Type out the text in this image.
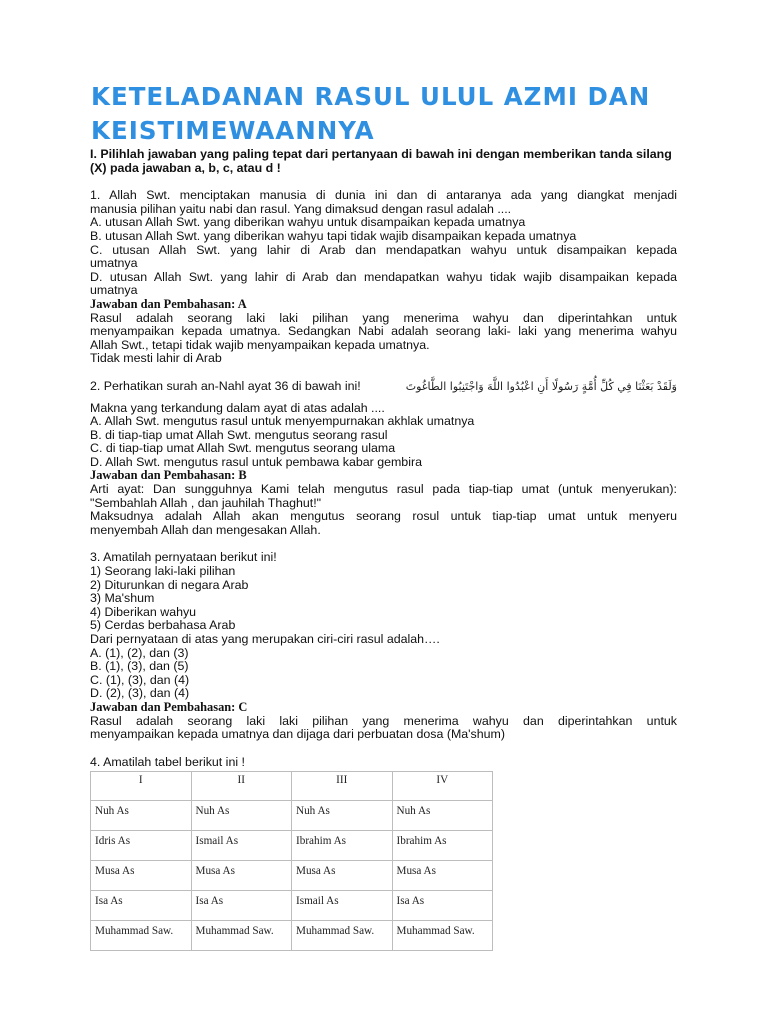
KETELADANAN RASUL ULUL AZMI DAN KEISTIMEWAANNYA
I. Pilihlah jawaban yang paling tepat dari pertanyaan di bawah ini dengan memberikan tanda silang (X) pada jawaban a, b, c, atau d !
1. Allah Swt. menciptakan manusia di dunia ini dan di antaranya ada yang diangkat menjadi
manusia pilihan yaitu nabi dan rasul. Yang dimaksud dengan rasul adalah ....
A. utusan Allah Swt. yang diberikan wahyu untuk disampaikan kepada umatnya
B. utusan Allah Swt. yang diberikan wahyu tapi tidak wajib disampaikan kepada umatnya
C. utusan Allah Swt. yang lahir di Arab dan mendapatkan wahyu untuk disampaikan kepada
umatnya
D. utusan Allah Swt. yang lahir di Arab dan mendapatkan wahyu tidak wajib disampaikan kepada
umatnya
Jawaban dan Pembahasan: A
Rasul adalah seorang laki laki pilihan yang menerima wahyu dan diperintahkan untuk
menyampaikan kepada umatnya. Sedangkan Nabi adalah seorang laki- laki yang menerima wahyu
Allah Swt., tetapi tidak wajib menyampaikan kepada umatnya.
Tidak mesti lahir di Arab
2. Perhatikan surah an-Nahl ayat 36 di bawah ini!	وَلَقَدْ بَعَثْنَا فِي كُلِّ أُمَّةٍ رَسُولًا أَنِ اعْبُدُوا اللَّهَ وَاجْتَنِبُوا الطَّاغُوتَ
Makna yang terkandung dalam ayat di atas adalah ....
A. Allah Swt. mengutus rasul untuk menyempurnakan akhlak umatnya
B. di tiap-tiap umat Allah Swt. mengutus seorang rasul
C. di tiap-tiap umat Allah Swt. mengutus seorang ulama
D. Allah Swt. mengutus rasul untuk pembawa kabar gembira
Jawaban dan Pembahasan: B
Arti ayat: Dan sungguhnya Kami telah mengutus rasul pada tiap-tiap umat (untuk menyerukan):
"Sembahlah Allah , dan jauhilah Thaghut!"
Maksudnya adalah Allah akan mengutus seorang rosul untuk tiap-tiap umat untuk menyeru
menyembah Allah dan mengesakan Allah.
3. Amatilah pernyataan berikut ini!
1) Seorang laki-laki pilihan
2) Diturunkan di negara Arab
3) Ma'shum
4) Diberikan wahyu
5) Cerdas berbahasa Arab
Dari pernyataan di atas yang merupakan ciri-ciri rasul adalah….
A. (1), (2), dan (3)
B. (1), (3), dan (5)
C. (1), (3), dan (4)
D. (2), (3), dan (4)
Jawaban dan Pembahasan: C
Rasul adalah seorang laki laki pilihan yang menerima wahyu dan diperintahkan untuk
menyampaikan kepada umatnya dan dijaga dari perbuatan dosa (Ma'shum)
4. Amatilah tabel berikut ini !
I	II	III	IV
Nuh As	Nuh As	Nuh As	Nuh As
Idris As	Ismail As	Ibrahim As	Ibrahim As
Musa As	Musa As	Musa As	Musa As
Isa As	Isa As	Ismail As	Isa As
Muhammad Saw.	Muhammad Saw.	Muhammad Saw.	Muhammad Saw.
